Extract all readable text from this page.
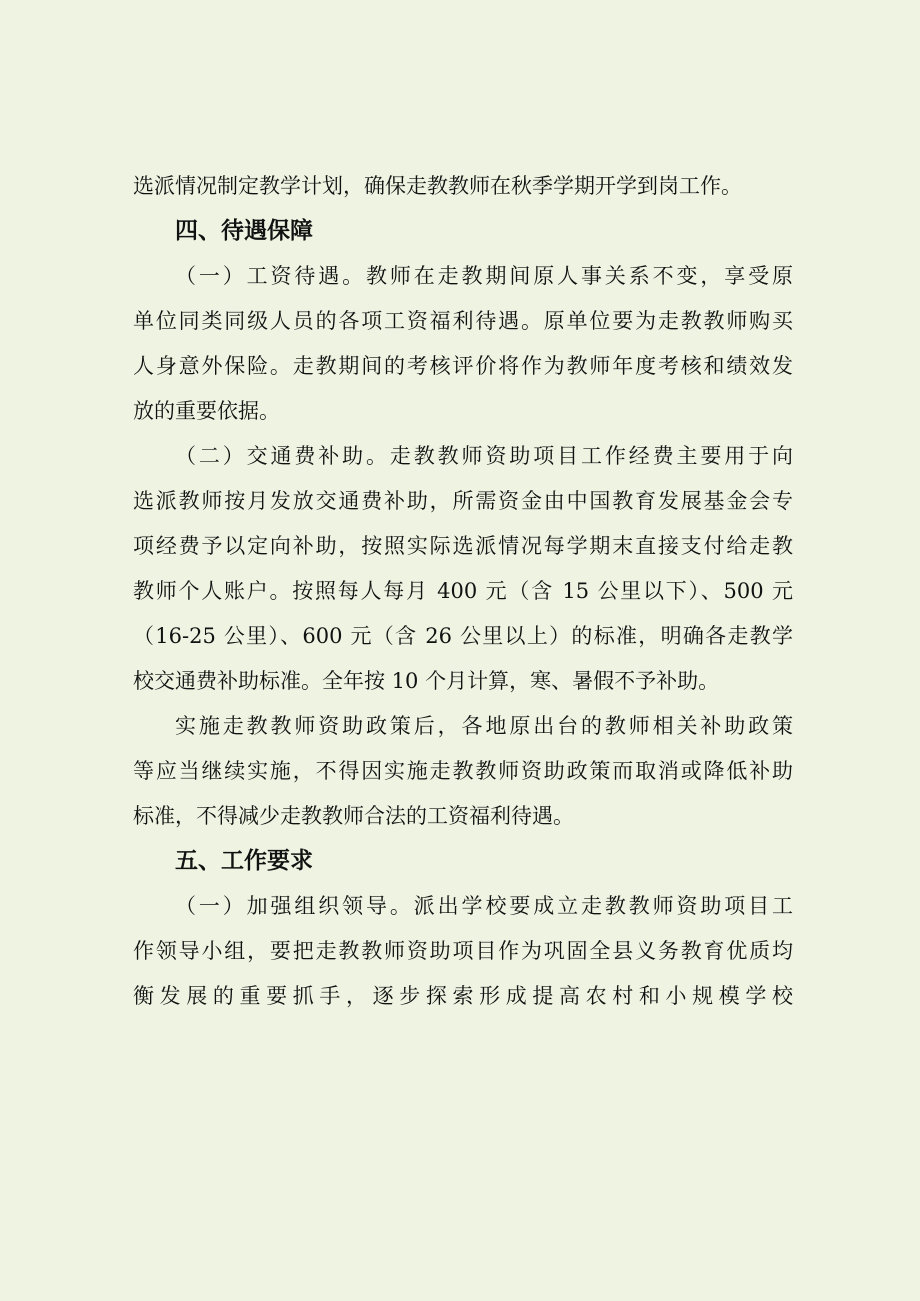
选派情况制定教学计划，确保走教教师在秋季学期开学到岗工作。
四、待遇保障
（一）工资待遇。教师在走教期间原人事关系不变，享受原
单位同类同级人员的各项工资福利待遇。原单位要为走教教师购买
人身意外保险。走教期间的考核评价将作为教师年度考核和绩效发
放的重要依据。
（二）交通费补助。走教教师资助项目工作经费主要用于向
选派教师按月发放交通费补助，所需资金由中国教育发展基金会专
项经费予以定向补助，按照实际选派情况每学期末直接支付给走教
教师个人账户。按照每人每月 400 元（含 15 公里以下）、500 元
（16-25 公里）、600 元（含 26 公里以上）的标准，明确各走教学
校交通费补助标准。全年按 10 个月计算，寒、暑假不予补助。
实施走教教师资助政策后，各地原出台的教师相关补助政策
等应当继续实施，不得因实施走教教师资助政策而取消或降低补助
标准，不得减少走教教师合法的工资福利待遇。
五、工作要求
（一）加强组织领导。派出学校要成立走教教师资助项目工
作领导小组，要把走教教师资助项目作为巩固全县义务教育优质均
衡发展的重要抓手，逐步探索形成提高农村和小规模学校
